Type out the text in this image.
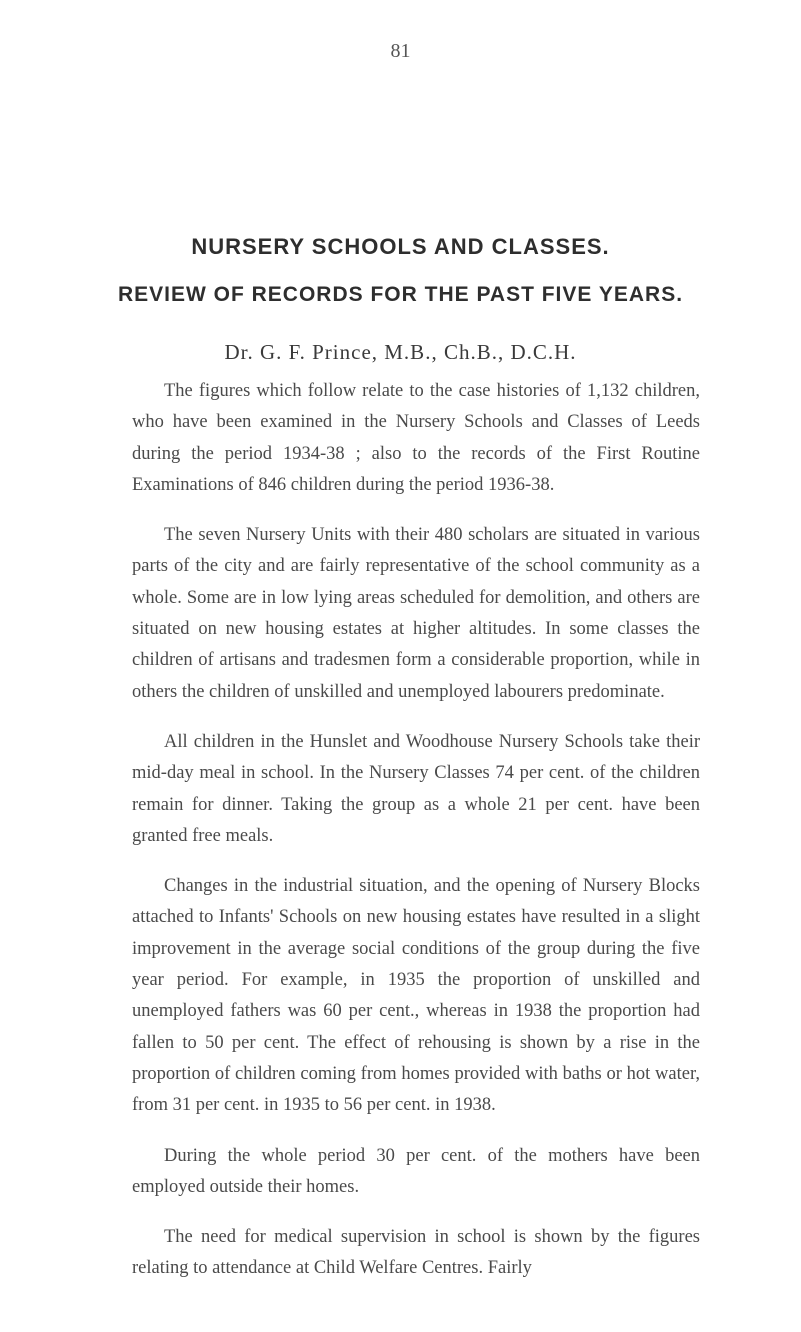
81
NURSERY SCHOOLS AND CLASSES.
REVIEW OF RECORDS FOR THE PAST FIVE YEARS.
Dr. G. F. Prince, M.B., Ch.B., D.C.H.

The figures which follow relate to the case histories of 1,132 children, who have been examined in the Nursery Schools and Classes of Leeds during the period 1934-38 ; also to the records of the First Routine Examinations of 846 children during the period 1936-38.

The seven Nursery Units with their 480 scholars are situated in various parts of the city and are fairly representative of the school community as a whole. Some are in low lying areas scheduled for demolition, and others are situated on new housing estates at higher altitudes. In some classes the children of artisans and tradesmen form a considerable proportion, while in others the children of unskilled and unemployed labourers predominate.

All children in the Hunslet and Woodhouse Nursery Schools take their mid-day meal in school. In the Nursery Classes 74 per cent. of the children remain for dinner. Taking the group as a whole 21 per cent. have been granted free meals.

Changes in the industrial situation, and the opening of Nursery Blocks attached to Infants' Schools on new housing estates have resulted in a slight improvement in the average social conditions of the group during the five year period. For example, in 1935 the proportion of unskilled and unemployed fathers was 60 per cent., whereas in 1938 the proportion had fallen to 50 per cent. The effect of rehousing is shown by a rise in the proportion of children coming from homes provided with baths or hot water, from 31 per cent. in 1935 to 56 per cent. in 1938.

During the whole period 30 per cent. of the mothers have been employed outside their homes.

The need for medical supervision in school is shown by the figures relating to attendance at Child Welfare Centres. Fairly
